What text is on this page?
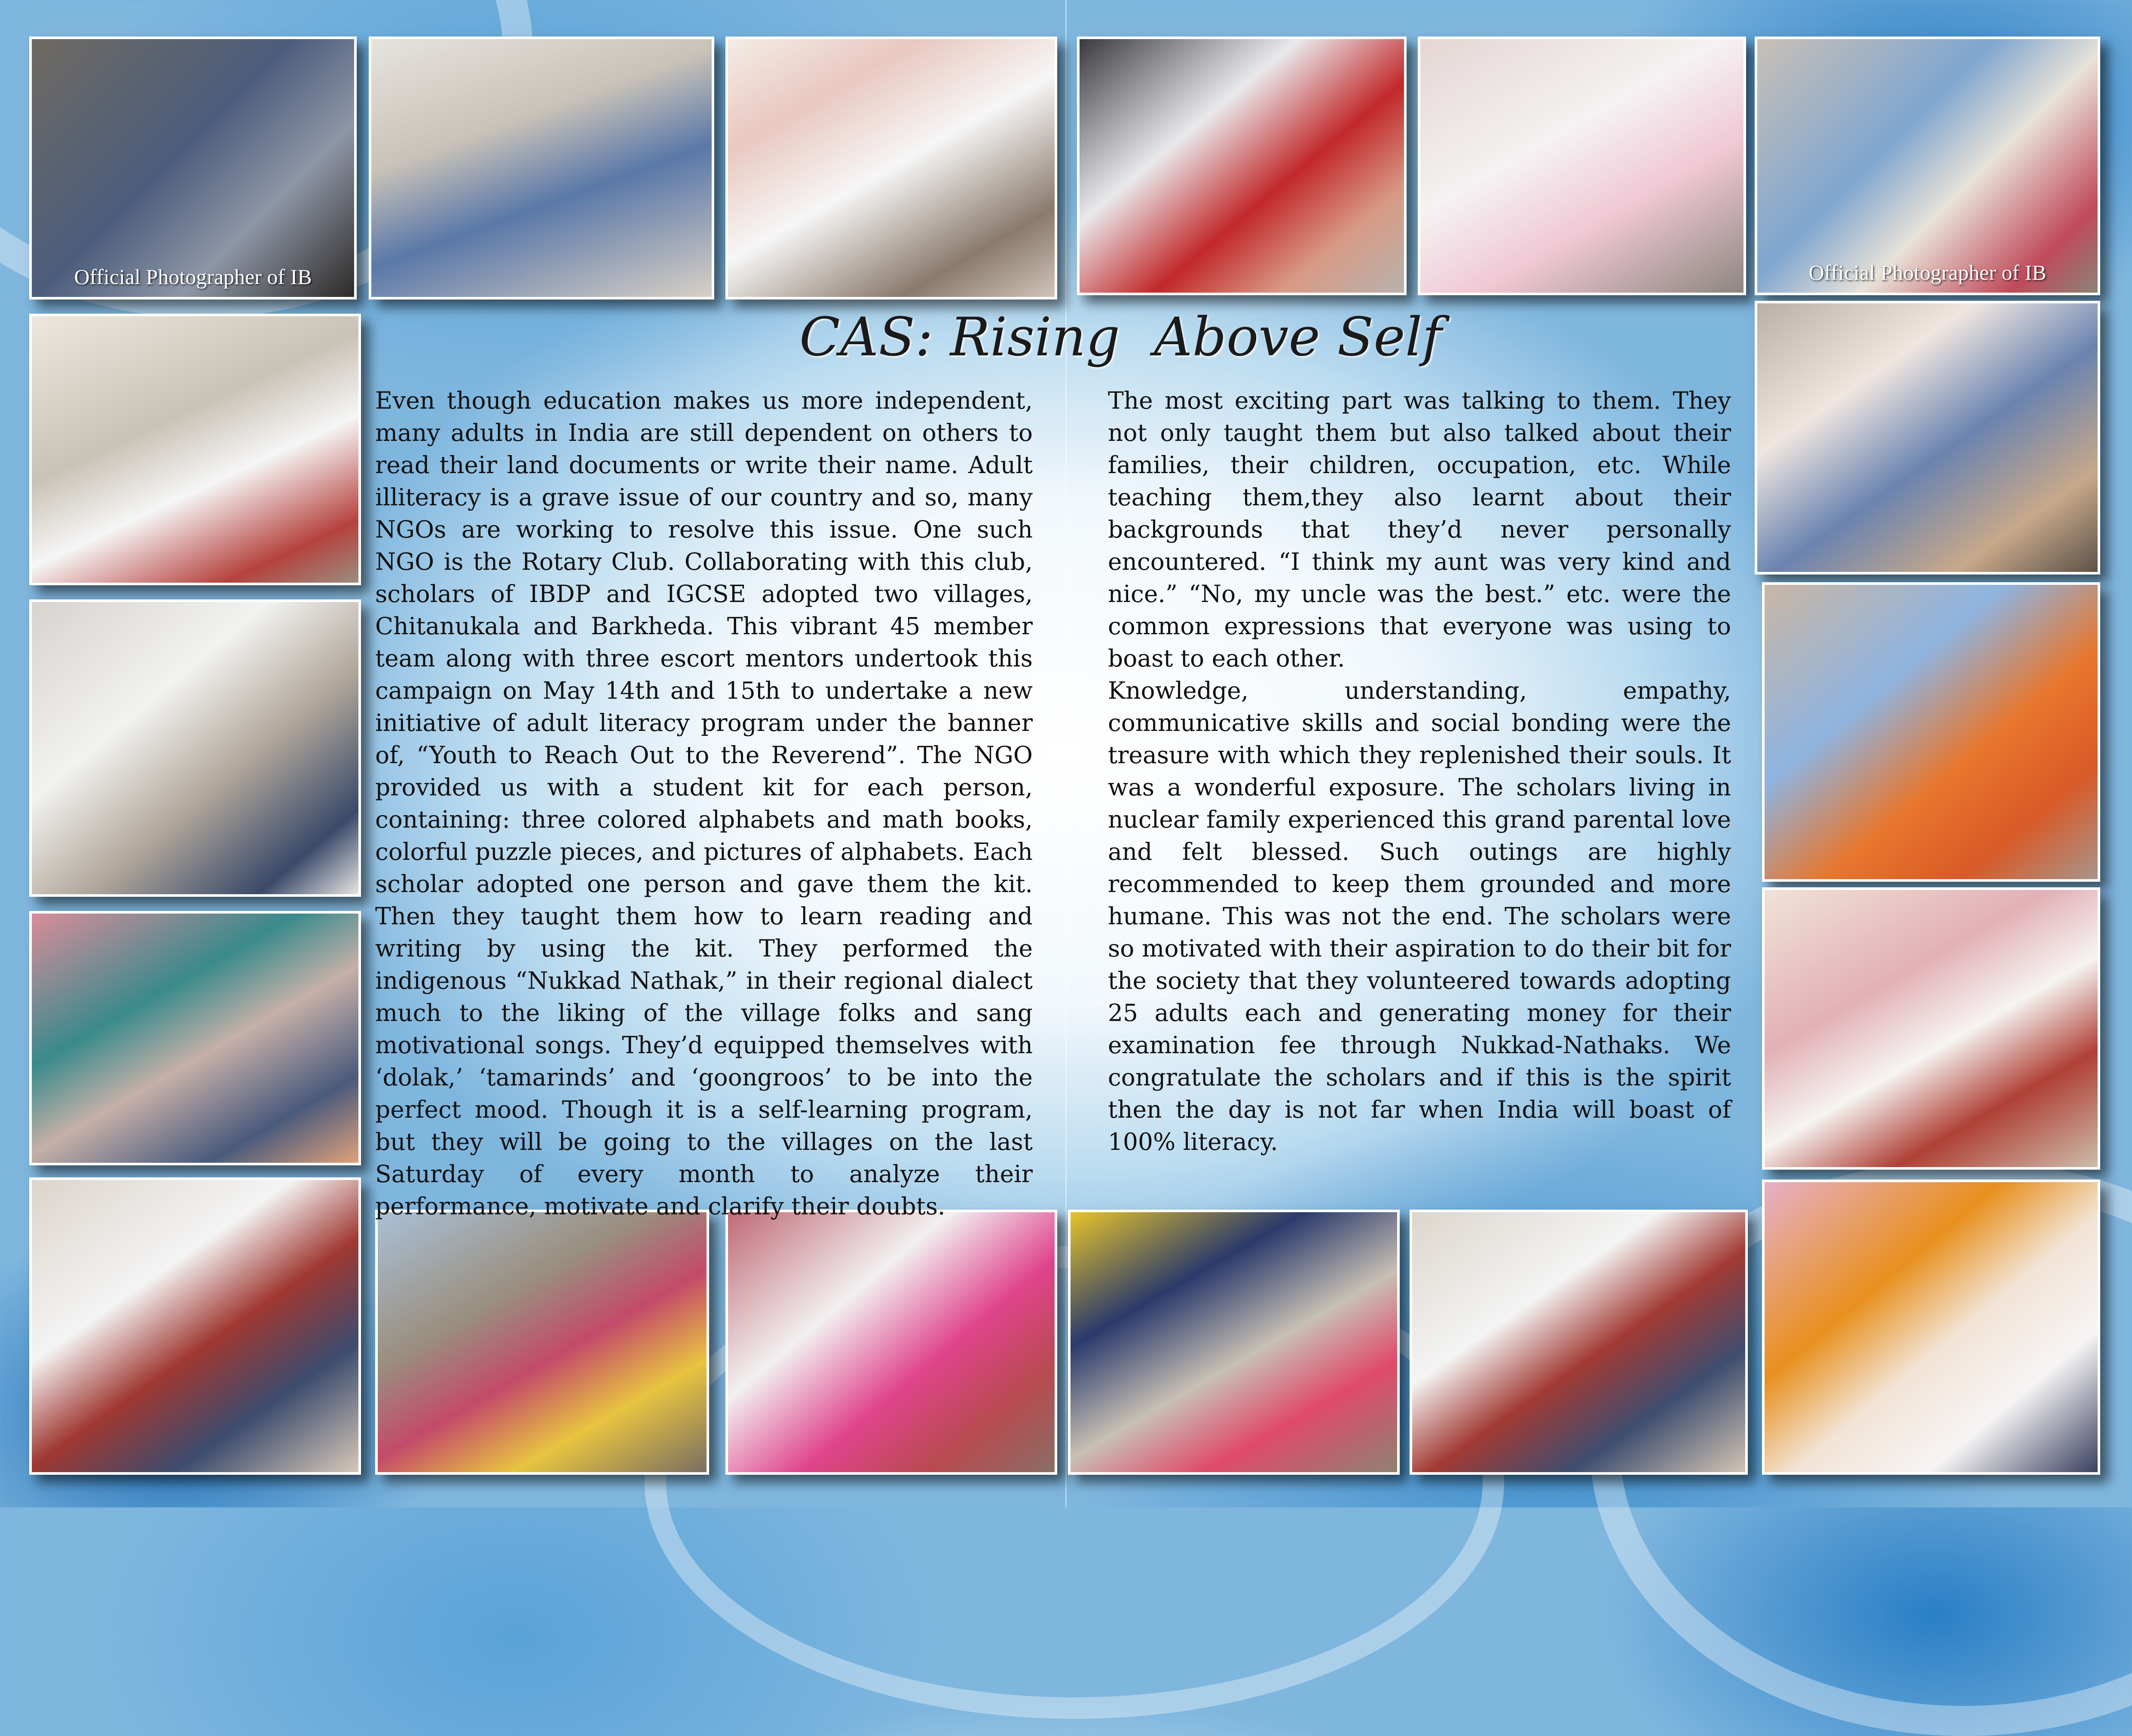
Official Photographer of IB	Official Photographer of IB
CAS: Rising  Above Self

Even though education makes us more independent, many adults in India are still dependent on others to read their land documents or write their name. Adult illiteracy is a grave issue of our country and so, many NGOs are working to resolve this issue. One such NGO is the Rotary Club. Collaborating with this club, scholars of IBDP and IGCSE adopted two villages, Chitanukala and Barkheda. This vibrant 45 member team along with three escort mentors undertook this campaign on May 14th and 15th to undertake a new initiative of adult literacy program under the banner of, “Youth to Reach Out to the Reverend”. The NGO provided us with a student kit for each person, containing: three colored alphabets and math books, colorful puzzle pieces, and pictures of alphabets. Each scholar adopted one person and gave them the kit. Then they taught them how to learn reading and writing by using the kit. They performed the indigenous “Nukkad Nathak,” in their regional dialect much to the liking of the village folks and sang motivational songs. They’d equipped themselves with ‘dolak,’ ‘tamarinds’ and ‘goongroos’ to be into the perfect mood. Though it is a self-learning program, but they will be going to the villages on the last Saturday of every month to analyze their performance, motivate and clarify their doubts.

The most exciting part was talking to them. They not only taught them but also talked about their families, their children, occupation, etc. While teaching them,they also learnt about their backgrounds that they’d never personally encountered. “I think my aunt was very kind and nice.” “No, my uncle was the best.” etc. were the common expressions that everyone was using to boast to each other.

Knowledge, understanding, empathy, communicative skills and social bonding were the treasure with which they replenished their souls. It was a wonderful exposure. The scholars living in nuclear family experienced this grand parental love and felt blessed. Such outings are highly recommended to keep them grounded and more humane. This was not the end. The scholars were so motivated with their aspiration to do their bit for the society that they volunteered towards adopting 25 adults each and generating money for their examination fee through Nukkad-Nathaks. We congratulate the scholars and if this is the spirit then the day is not far when India will boast of 100% literacy.
